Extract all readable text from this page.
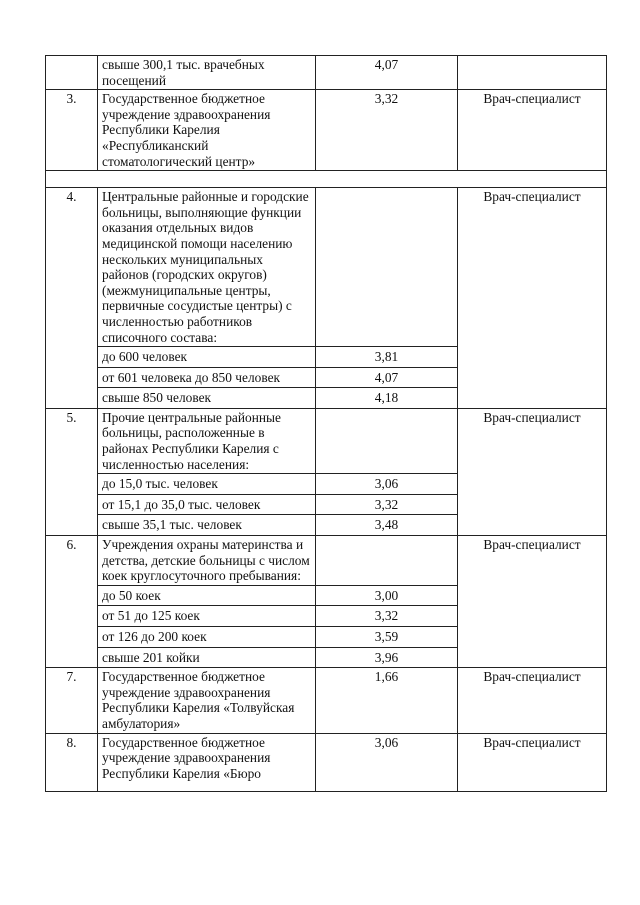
	свыше 300,1 тыс. врачебных посещений	4,07	
3.	Государственное бюджетное учреждение здравоохранения Республики Карелия «Республиканский стоматологический центр»	3,32	Врач-специалист

4.	Центральные районные и городские больницы, выполняющие функции оказания отдельных видов медицинской помощи населению нескольких муниципальных районов (городских округов) (межмуниципальные центры, первичные сосудистые центры) с численностью работников списочного состава:		Врач-специалист
	до 600 человек	3,81	
	от 601 человека до 850 человек	4,07	
	свыше 850 человек	4,18	
5.	Прочие центральные районные больницы, расположенные в районах Республики Карелия с численностью населения:		Врач-специалист
	до 15,0 тыс. человек	3,06	
	от 15,1 до 35,0 тыс. человек	3,32	
	свыше 35,1 тыс. человек	3,48	
6.	Учреждения охраны материнства и детства, детские больницы с числом коек круглосуточного пребывания:		Врач-специалист
	до 50 коек	3,00	
	от 51 до 125 коек	3,32	
	от 126 до 200 коек	3,59	
	свыше 201 койки	3,96	
7.	Государственное бюджетное учреждение здравоохранения Республики Карелия «Толвуйская амбулатория»	1,66	Врач-специалист
8.	Государственное бюджетное учреждение здравоохранения Республики Карелия «Бюро	3,06	Врач-специалист
